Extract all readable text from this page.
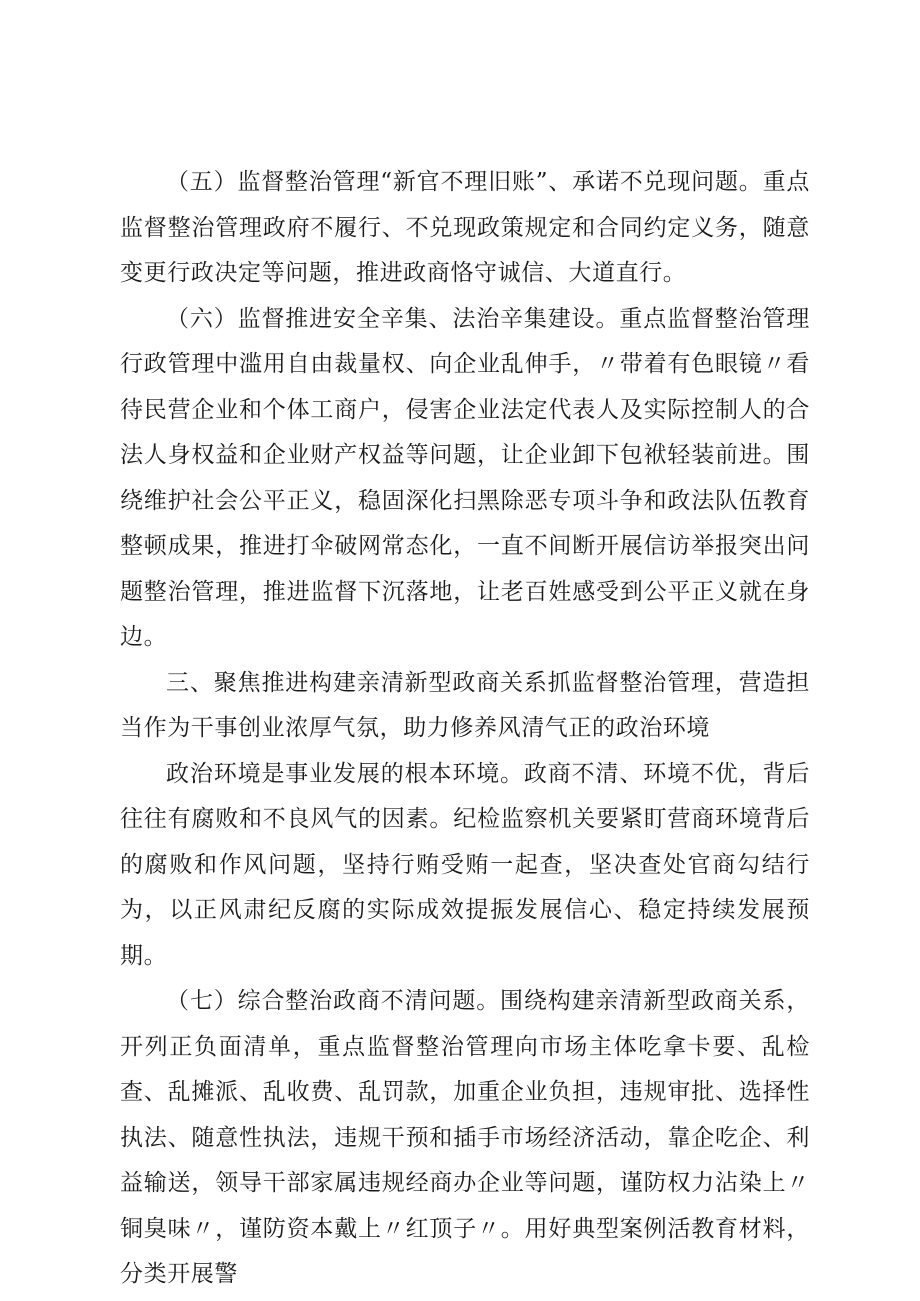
（五）监督整治管理“新官不理旧账”、承诺不兑现问题。重点监督整治管理政府不履行、不兑现政策规定和合同约定义务，随意变更行政决定等问题，推进政商恪守诚信、大道直行。

（六）监督推进安全辛集、法治辛集建设。重点监督整治管理行政管理中滥用自由裁量权、向企业乱伸手，〃带着有色眼镜〃看待民营企业和个体工商户，侵害企业法定代表人及实际控制人的合法人身权益和企业财产权益等问题，让企业卸下包袱轻装前进。围绕维护社会公平正义，稳固深化扫黑除恶专项斗争和政法队伍教育整顿成果，推进打伞破网常态化，一直不间断开展信访举报突出问题整治管理，推进监督下沉落地，让老百姓感受到公平正义就在身边。

三、聚焦推进构建亲清新型政商关系抓监督整治管理，营造担当作为干事创业浓厚气氛，助力修养风清气正的政治环境

政治环境是事业发展的根本环境。政商不清、环境不优，背后往往有腐败和不良风气的因素。纪检监察机关要紧盯营商环境背后的腐败和作风问题，坚持行贿受贿一起查，坚决查处官商勾结行为，以正风肃纪反腐的实际成效提振发展信心、稳定持续发展预期。

（七）综合整治政商不清问题。围绕构建亲清新型政商关系，开列正负面清单，重点监督整治管理向市场主体吃拿卡要、乱检查、乱摊派、乱收费、乱罚款，加重企业负担，违规审批、选择性执法、随意性执法，违规干预和插手市场经济活动，靠企吃企、利益输送，领导干部家属违规经商办企业等问题，谨防权力沾染上〃铜臭味〃，谨防资本戴上〃红顶子〃。用好典型案例活教育材料，分类开展警
